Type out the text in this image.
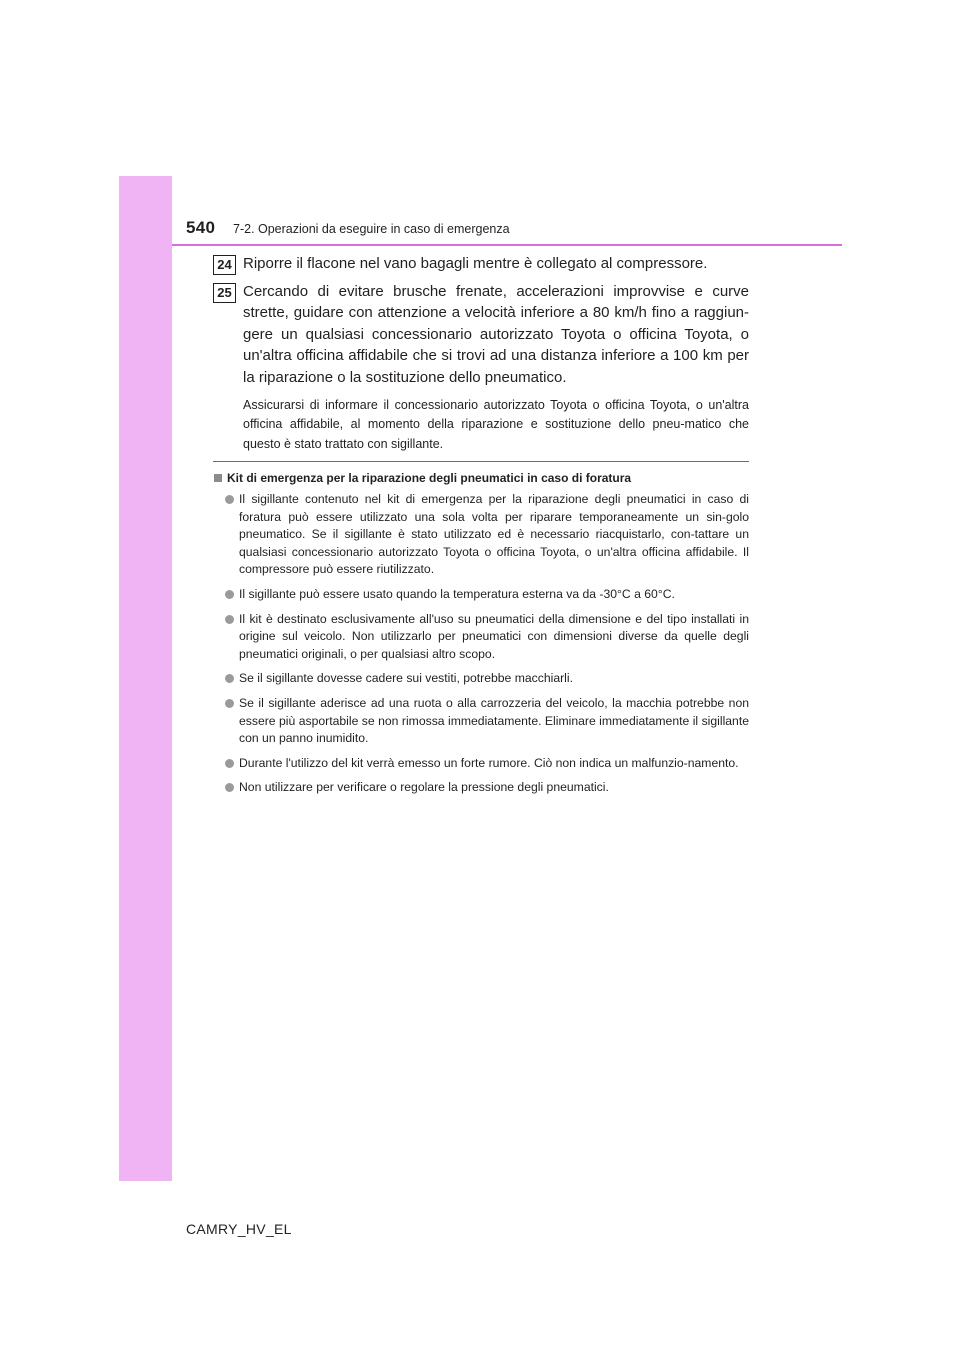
540 7-2. Operazioni da eseguire in caso di emergenza
24 Riporre il flacone nel vano bagagli mentre è collegato al compressore.

25 Cercando di evitare brusche frenate, accelerazioni improvvise e curve strette, guidare con attenzione a velocità inferiore a 80 km/h fino a raggiun-gere un qualsiasi concessionario autorizzato Toyota o officina Toyota, o un'altra officina affidabile che si trovi ad una distanza inferiore a 100 km per la riparazione o la sostituzione dello pneumatico.

Assicurarsi di informare il concessionario autorizzato Toyota o officina Toyota, o un'altra officina affidabile, al momento della riparazione e sostituzione dello pneu-matico che questo è stato trattato con sigillante.

Kit di emergenza per la riparazione degli pneumatici in caso di foratura

Il sigillante contenuto nel kit di emergenza per la riparazione degli pneumatici in caso di foratura può essere utilizzato una sola volta per riparare temporaneamente un sin-golo pneumatico. Se il sigillante è stato utilizzato ed è necessario riacquistarlo, con-tattare un qualsiasi concessionario autorizzato Toyota o officina Toyota, o un'altra officina affidabile. Il compressore può essere riutilizzato.

Il sigillante può essere usato quando la temperatura esterna va da -30°C a 60°C.

Il kit è destinato esclusivamente all'uso su pneumatici della dimensione e del tipo installati in origine sul veicolo. Non utilizzarlo per pneumatici con dimensioni diverse da quelle degli pneumatici originali, o per qualsiasi altro scopo.

Se il sigillante dovesse cadere sui vestiti, potrebbe macchiarli.

Se il sigillante aderisce ad una ruota o alla carrozzeria del veicolo, la macchia potrebbe non essere più asportabile se non rimossa immediatamente. Eliminare immediatamente il sigillante con un panno inumidito.

Durante l'utilizzo del kit verrà emesso un forte rumore. Ciò non indica un malfunzio-namento.

Non utilizzare per verificare o regolare la pressione degli pneumatici.

CAMRY_HV_EL
